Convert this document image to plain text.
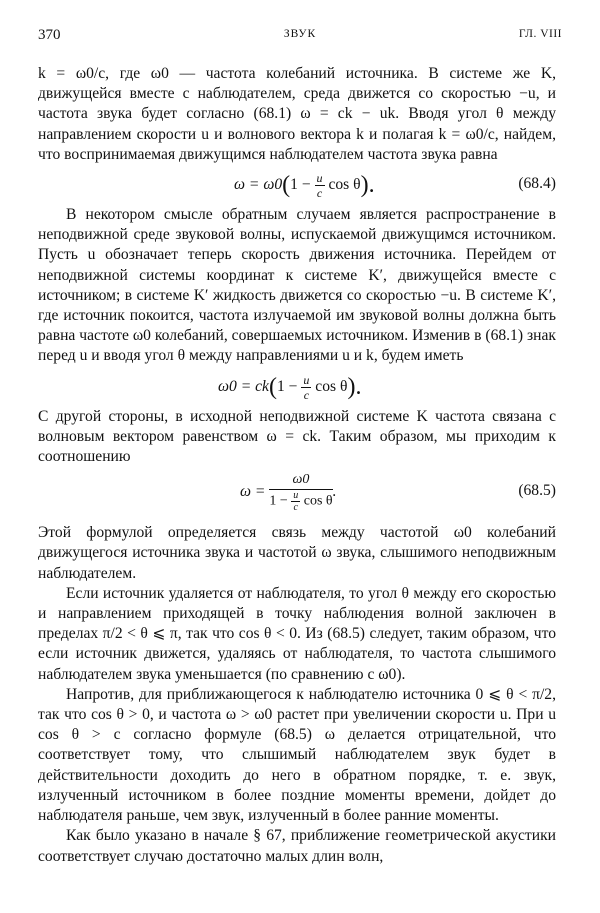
370	ЗВУК	ГЛ. VIII

k = ω0/c, где ω0 — частота колебаний источника. В системе же K, движущейся вместе с наблюдателем, среда движется со скоростью −u, и частота звука будет согласно (68.1) ω = ck − uk. Вводя угол θ между направлением скорости u и волнового вектора k и полагая k = ω0/c, найдем, что воспринимаемая движущимся наблюдателем частота звука равна

$\omega = \omega 0(1 - \frac{u}{c}$ cos θ).	(68.4)

В некотором смысле обратным случаем является распространение в неподвижной среде звуковой волны, испускаемой движущимся источником. Пусть u обозначает теперь скорость движения источника. Перейдем от неподвижной системы координат к системе K′, движущейся вместе с источником; в системе K′ жидкость движется со скоростью −u. В системе K′, где источник покоится, частота излучаемой им звуковой волны должна быть равна частоте ω0 колебаний, совершаемых источником. Изменив в (68.1) знак перед u и вводя угол θ между направлениями u и k, будем иметь

$\omega 0 = ck(1 - \frac{u}{c}$ cos θ).

С другой стороны, в исходной неподвижной системе K частота связана с волновым вектором равенством ω = ck. Таким образом, мы приходим к соотношению

$\omega = \frac{\omega 0}{1 - \frac{u}{c} \cos \theta}$ .	(68.5)

Этой формулой определяется связь между частотой ω0 колебаний движущегося источника звука и частотой ω звука, слышимого неподвижным наблюдателем.

Если источник удаляется от наблюдателя, то угол θ между его скоростью и направлением приходящей в точку наблюдения волной заключен в пределах π/2 < θ ⩽ π, так что cos θ < 0. Из (68.5) следует, таким образом, что если источник движется, удаляясь от наблюдателя, то частота слышимого наблюдателем звука уменьшается (по сравнению с ω0).

Напротив, для приближающегося к наблюдателю источника 0 ⩽ θ < π/2, так что cos θ > 0, и частота ω > ω0 растет при увеличении скорости u. При u cos θ > c согласно формуле (68.5) ω делается отрицательной, что соответствует тому, что слышимый наблюдателем звук будет в действительности доходить до него в обратном порядке, т. е. звук, излученный источником в более поздние моменты времени, дойдет до наблюдателя раньше, чем звук, излученный в более ранние моменты.

Как было указано в начале § 67, приближение геометрической акустики соответствует случаю достаточно малых длин волн,
